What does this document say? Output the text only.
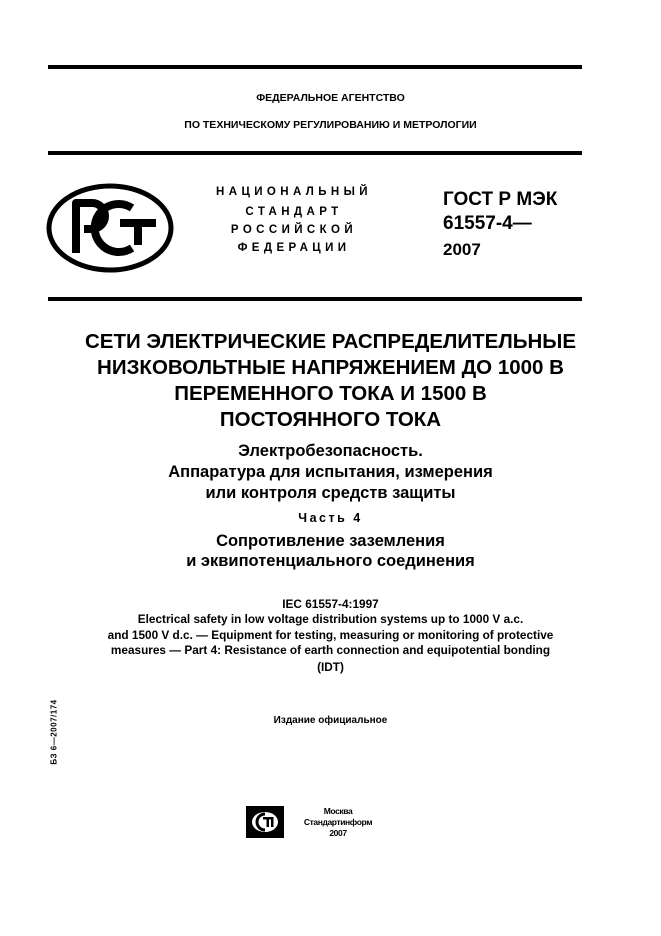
ФЕДЕРАЛЬНОЕ АГЕНТСТВО
ПО ТЕХНИЧЕСКОМУ РЕГУЛИРОВАНИЮ И МЕТРОЛОГИИ
НАЦИОНАЛЬНЫЙ
СТАНДАРТ
РОССИЙСКОЙ
ФЕДЕРАЦИИ
ГОСТ Р МЭК
61557-4—
2007
СЕТИ ЭЛЕКТРИЧЕСКИЕ РАСПРЕДЕЛИТЕЛЬНЫЕ
НИЗКОВОЛЬТНЫЕ НАПРЯЖЕНИЕМ ДО 1000 В
ПЕРЕМЕННОГО ТОКА И 1500 В
ПОСТОЯННОГО ТОКА
Электробезопасность.
Аппаратура для испытания, измерения
или контроля средств защиты
Часть 4
Сопротивление заземления
и эквипотенциального соединения
IEC 61557-4:1997
Electrical safety in low voltage distribution systems up to 1000 V a.c.
and 1500 V d.c. — Equipment for testing, measuring or monitoring of protective
measures — Part 4: Resistance of earth connection and equipotential bonding
(IDT)
БЗ 6—2007/174	Издание официальное
Москва
Стандартинформ
2007
